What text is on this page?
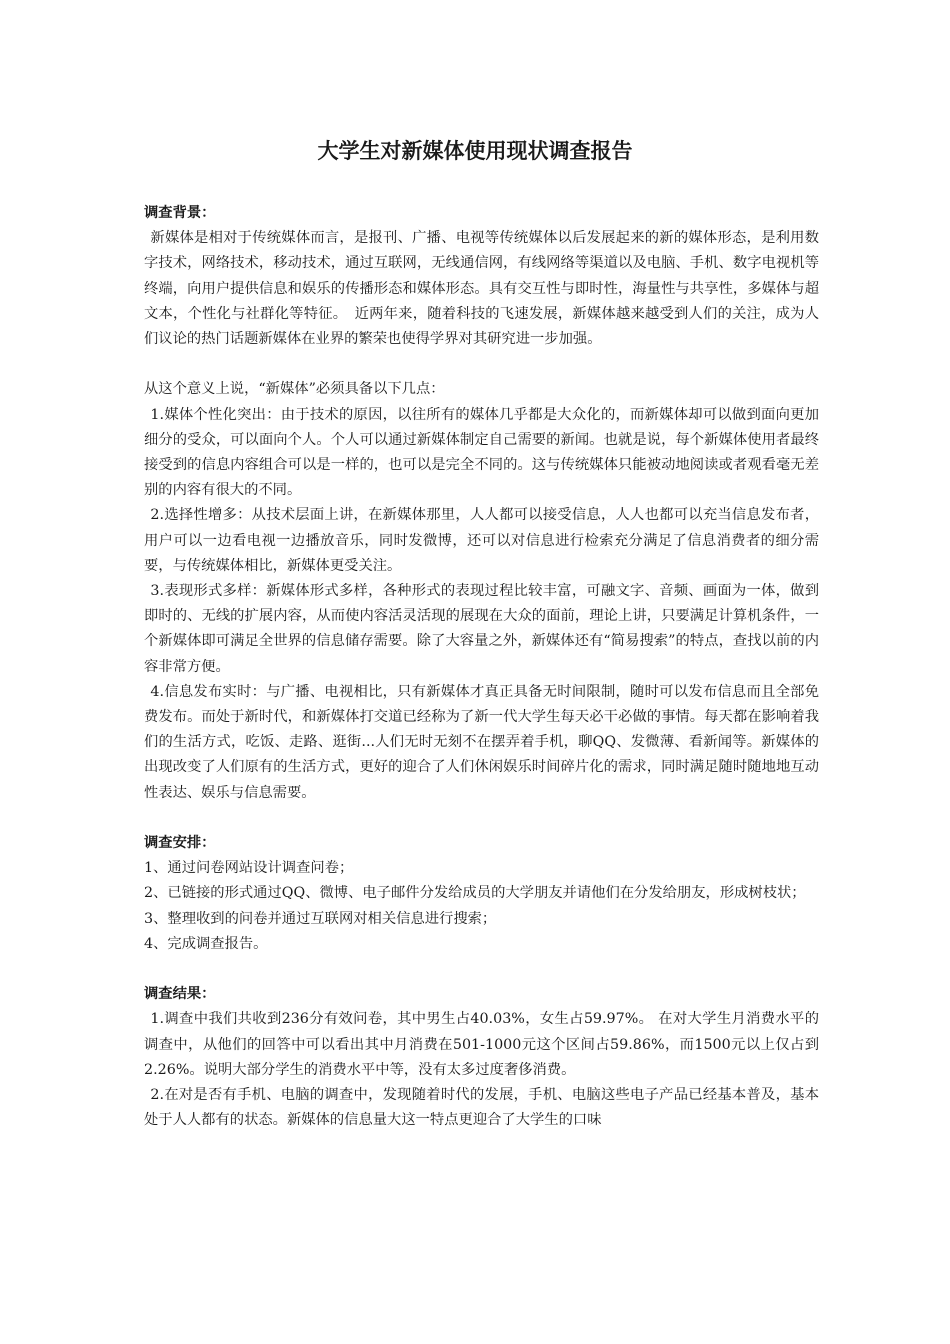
大学生对新媒体使用现状调查报告

调查背景：

新媒体是相对于传统媒体而言，是报刊、广播、电视等传统媒体以后发展起来的新的媒体形态，是利用数字技术，网络技术，移动技术，通过互联网，无线通信网，有线网络等渠道以及电脑、手机、数字电视机等终端，向用户提供信息和娱乐的传播形态和媒体形态。具有交互性与即时性，海量性与共享性，多媒体与超文本，个性化与社群化等特征。　近两年来，随着科技的飞速发展，新媒体越来越受到人们的关注，成为人们议论的热门话题新媒体在业界的繁荣也使得学界对其研究进一步加强。

从这个意义上说，“新媒体”必须具备以下几点：

1.媒体个性化突出：由于技术的原因，以往所有的媒体几乎都是大众化的，而新媒体却可以做到面向更加细分的受众，可以面向个人。个人可以通过新媒体制定自己需要的新闻。也就是说，每个新媒体使用者最终接受到的信息内容组合可以是一样的，也可以是完全不同的。这与传统媒体只能被动地阅读或者观看毫无差别的内容有很大的不同。

2.选择性增多：从技术层面上讲，在新媒体那里，人人都可以接受信息，人人也都可以充当信息发布者，用户可以一边看电视一边播放音乐，同时发微博，还可以对信息进行检索充分满足了信息消费者的细分需要，与传统媒体相比，新媒体更受关注。

3.表现形式多样：新媒体形式多样，各种形式的表现过程比较丰富，可融文字、音频、画面为一体，做到即时的、无线的扩展内容，从而使内容活灵活现的展现在大众的面前，理论上讲，只要满足计算机条件，一个新媒体即可满足全世界的信息储存需要。除了大容量之外，新媒体还有“简易搜索”的特点，查找以前的内容非常方便。

4.信息发布实时：与广播、电视相比，只有新媒体才真正具备无时间限制，随时可以发布信息而且全部免费发布。而处于新时代，和新媒体打交道已经称为了新一代大学生每天必干必做的事情。每天都在影响着我们的生活方式，吃饭、走路、逛街...人们无时无刻不在摆弄着手机，聊QQ、发微薄、看新闻等。新媒体的出现改变了人们原有的生活方式，更好的迎合了人们休闲娱乐时间碎片化的需求，同时满足随时随地地互动性表达、娱乐与信息需要。

调查安排：

1、通过问卷网站设计调查问卷；

2、已链接的形式通过QQ、微博、电子邮件分发给成员的大学朋友并请他们在分发给朋友，形成树枝状；

3、整理收到的问卷并通过互联网对相关信息进行搜索；

4、完成调查报告。

调查结果：

1.调查中我们共收到236分有效问卷，其中男生占40.03%，女生占59.97%。 在对大学生月消费水平的调查中，从他们的回答中可以看出其中月消费在501-1000元这个区间占59.86%，而1500元以上仅占到2.26%。说明大部分学生的消费水平中等，没有太多过度奢侈消费。

2.在对是否有手机、电脑的调查中，发现随着时代的发展，手机、电脑这些电子产品已经基本普及，基本处于人人都有的状态。新媒体的信息量大这一特点更迎合了大学生的口味
